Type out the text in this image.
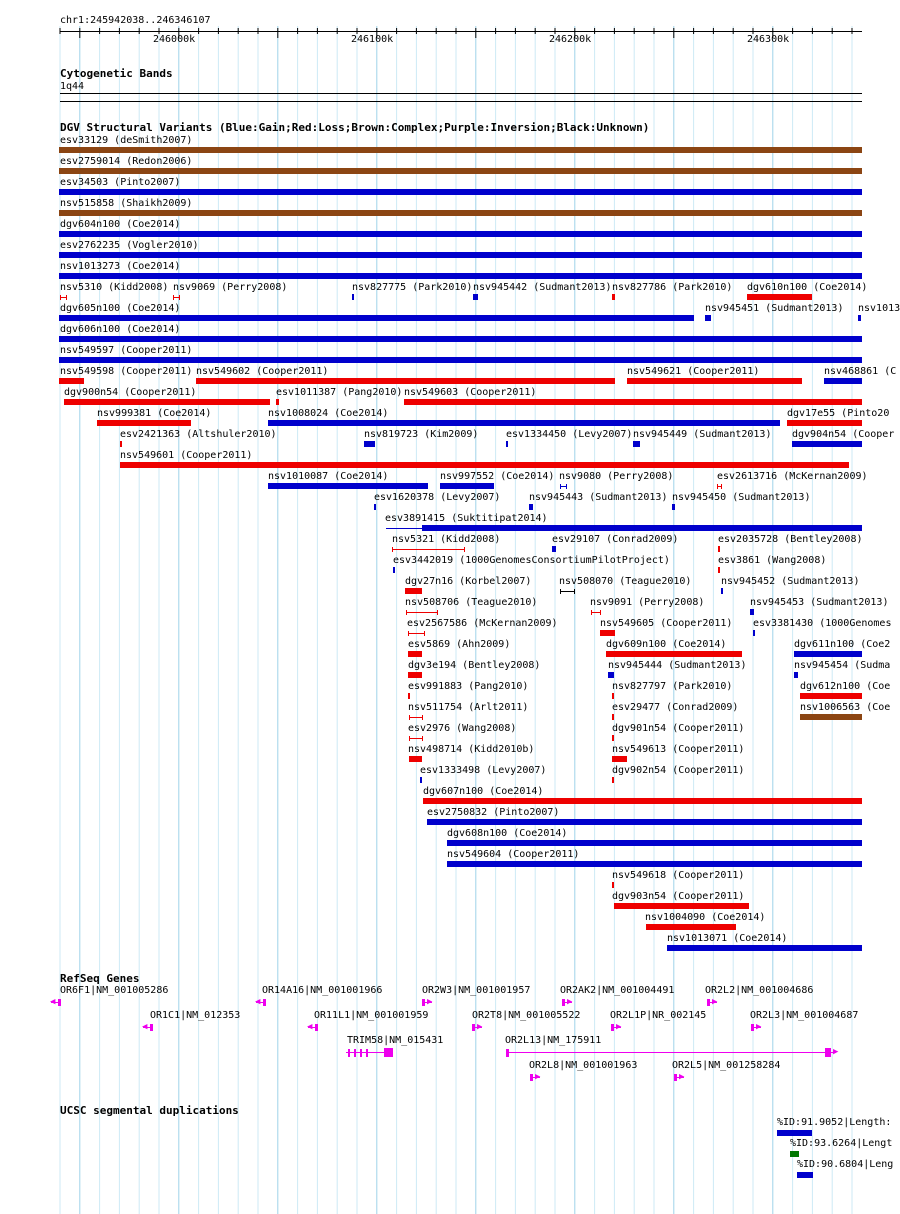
chr1:245942038..246346107
246000k	246100k	246200k	246300k
Cytogenetic Bands
1q44
DGV Structural Variants (Blue:Gain;Red:Loss;Brown:Complex;Purple:Inversion;Black:Unknown)
esv33129 (deSmith2007)
esv2759014 (Redon2006)
esv34503 (Pinto2007)
nsv515858 (Shaikh2009)
dgv604n100 (Coe2014)
esv2762235 (Vogler2010)
nsv1013273 (Coe2014)
nsv5310 (Kidd2008) nsv9069 (Perry2008)	nsv827775 (Park2010) nsv945442 (Sudmant2013) nsv827786 (Park2010) dgv610n100 (Coe2014)
dgv605n100 (Coe2014)	nsv945451 (Sudmant2013) nsv1013
dgv606n100 (Coe2014)
nsv549597 (Cooper2011)
nsv549598 (Cooper2011) nsv549602 (Cooper2011)	nsv549621 (Cooper2011)	nsv468861 (C
dgv900n54 (Cooper2011)	esv1011387 (Pang2010) nsv549603 (Cooper2011)
nsv999381 (Coe2014)	nsv1008024 (Coe2014)	dgv17e55 (Pinto20
esv2421363 (Altshuler2010)	nsv819723 (Kim2009)	esv1334450 (Levy2007) nsv945449 (Sudmant2013) dgv904n54 (Cooper
nsv549601 (Cooper2011)
nsv1010087 (Coe2014)	nsv997552 (Coe2014) nsv9080 (Perry2008)	esv2613716 (McKernan2009)
esv1620378 (Levy2007)	nsv945443 (Sudmant2013) nsv945450 (Sudmant2013)
esv3891415 (Suktitipat2014)
nsv5321 (Kidd2008)	esv29107 (Conrad2009)	esv2035728 (Bentley2008)
esv3442019 (1000GenomesConsortiumPilotProject)	esv3861 (Wang2008)
dgv27n16 (Korbel2007)	nsv508070 (Teague2010)	nsv945452 (Sudmant2013)
nsv508706 (Teague2010)	nsv9091 (Perry2008)	nsv945453 (Sudmant2013)
esv2567586 (McKernan2009)	nsv549605 (Cooper2011) esv3381430 (1000Genomes
esv5869 (Ahn2009)	dgv609n100 (Coe2014)	dgv611n100 (Coe2
dgv3e194 (Bentley2008)	nsv945444 (Sudmant2013)	nsv945454 (Sudma
esv991883 (Pang2010)	nsv827797 (Park2010)	dgv612n100 (Coe
nsv511754 (Arlt2011)	esv29477 (Conrad2009)	nsv1006563 (Coe
esv2976 (Wang2008)	dgv901n54 (Cooper2011)
nsv498714 (Kidd2010b)	nsv549613 (Cooper2011)
esv1333498 (Levy2007)	dgv902n54 (Cooper2011)
dgv607n100 (Coe2014)
esv2750832 (Pinto2007)
dgv608n100 (Coe2014)
nsv549604 (Cooper2011)
nsv549618 (Cooper2011)
dgv903n54 (Cooper2011)
nsv1004090 (Coe2014)
nsv1013071 (Coe2014)
RefSeq Genes
OR6F1|NM_001005286
◀
OR14A16|NM_001001966
◀
OR2W3|NM_001001957
▶
OR2AK2|NM_001004491
▶
OR2L2|NM_001004686
▶
OR1C1|NM_012353
◀
OR11L1|NM_001001959
◀
OR2T8|NM_001005522
▶
OR2L1P|NR_002145
▶
OR2L3|NM_001004687
▶
TRIM58|NM_015431	OR2L13|NM_175911
▶
OR2L8|NM_001001963
▶
OR2L5|NM_001258284
▶
UCSC segmental duplications
%ID:91.9052|Length:
%ID:93.6264|Lengt
%ID:90.6804|Leng
